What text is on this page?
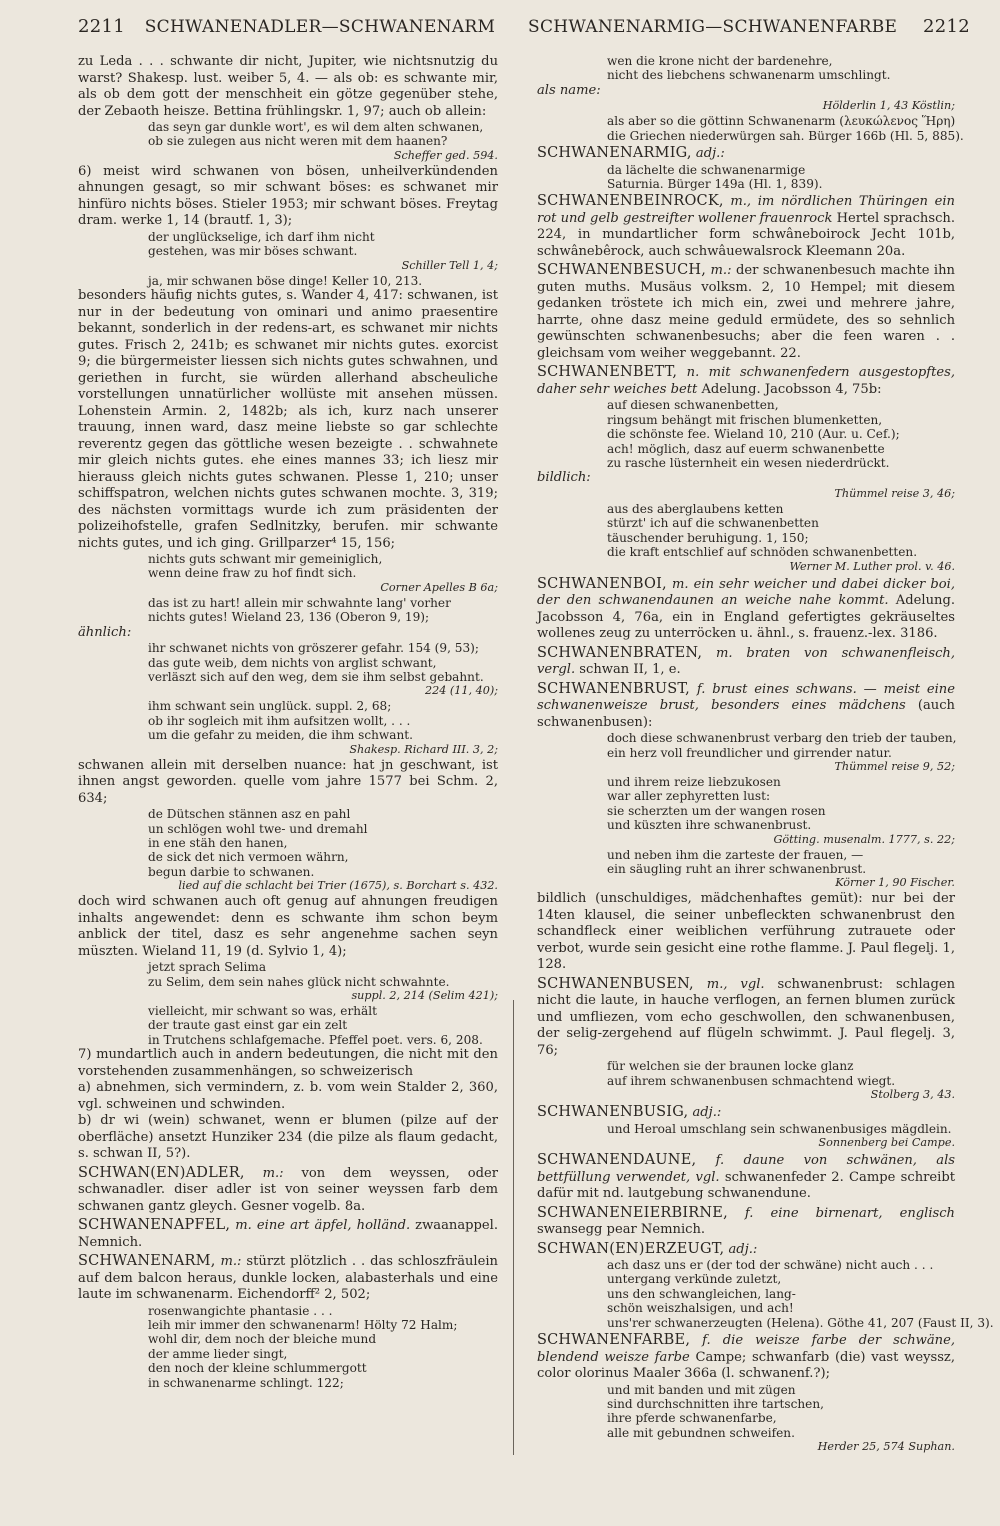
2211 SCHWANENADLER—SCHWANENARM SCHWANENARMIG—SCHWANENFARBE 2212

zu Leda . . . schwante dir nicht, Jupiter, wie nichtsnutzig du warst? Shakesp. lust. weiber 5, 4. — als ob: es schwante mir, als ob dem gott der menschheit ein götze gegenüber stehe, der Zebaoth heisze. Bettina frühlingskr. 1, 97; auch ob allein:

das seyn gar dunkle wort', es wil dem alten schwanen,
ob sie zulegen aus nicht weren mit dem haanen?
Scheffer ged. 594.

6) meist wird schwanen von bösen, unheilverkündenden ahnungen gesagt, so mir schwant böses: es schwanet mir hinfüro nichts böses. Stieler 1953; mir schwant böses. Freytag dram. werke 1, 14 (brautf. 1, 3);

der unglückselige, ich darf ihm nicht
gestehen, was mir böses schwant.
Schiller Tell 1, 4;
ja, mir schwanen böse dinge! Keller 10, 213.

besonders häufig nichts gutes, s. Wander 4, 417: schwanen, ist nur in der bedeutung von ominari und animo praesentire bekannt, sonderlich in der redens-art, es schwanet mir nichts gutes. Frisch 2, 241b; es schwanet mir nichts gutes. exorcist 9; die bürgermeister liessen sich nichts gutes schwahnen, und geriethen in furcht, sie würden allerhand abscheuliche vorstellungen unnatürlicher wollüste mit ansehen müssen. Lohenstein Armin. 2, 1482b; als ich, kurz nach unserer trauung, innen ward, dasz meine liebste so gar schlechte reverentz gegen das göttliche wesen bezeigte . . schwahnete mir gleich nichts gutes. ehe eines mannes 33; ich liesz mir hierauss gleich nichts gutes schwanen. Plesse 1, 210; unser schiffspatron, welchen nichts gutes schwanen mochte. 3, 319; des nächsten vormittags wurde ich zum präsidenten der polizeihofstelle, grafen Sedlnitzky, berufen. mir schwante nichts gutes, und ich ging. Grillparzer⁴ 15, 156;

nichts guts schwant mir gemeiniglich,
wenn deine fraw zu hof findt sich.
Corner Apelles B 6a;
das ist zu hart! allein mir schwahnte lang' vorher
nichts gutes! Wieland 23, 136 (Oberon 9, 19);

ähnlich:

ihr schwanet nichts von gröszerer gefahr. 154 (9, 53);
das gute weib, dem nichts von arglist schwant,
verläszt sich auf den weg, dem sie ihm selbst gebahnt.
224 (11, 40);
ihm schwant sein unglück. suppl. 2, 68;
ob ihr sogleich mit ihm aufsitzen wollt, . . .
um die gefahr zu meiden, die ihm schwant.
Shakesp. Richard III. 3, 2;

schwanen allein mit derselben nuance: hat jn geschwant, ist ihnen angst geworden. quelle vom jahre 1577 bei Schm. 2, 634;

de Dütschen stännen asz en pahl
un schlögen wohl twe- und dremahl
in ene stäh den hanen,
de sick det nich vermoen währn,
begun darbie to schwanen.
lied auf die schlacht bei Trier (1675), s. Borchart s. 432.

doch wird schwanen auch oft genug auf ahnungen freudigen inhalts angewendet: denn es schwante ihm schon beym anblick der titel, dasz es sehr angenehme sachen seyn müszten. Wieland 11, 19 (d. Sylvio 1, 4);

jetzt sprach Selima
zu Selim, dem sein nahes glück nicht schwahnte.
suppl. 2, 214 (Selim 421);
vielleicht, mir schwant so was, erhält
der traute gast einst gar ein zelt
in Trutchens schlafgemache. Pfeffel poet. vers. 6, 208.

7) mundartlich auch in andern bedeutungen, die nicht mit den vorstehenden zusammenhängen, so schweizerisch

a) abnehmen, sich vermindern, z. b. vom wein Stalder 2, 360, vgl. schweinen und schwinden.

b) dr wi (wein) schwanet, wenn er blumen (pilze auf der oberfläche) ansetzt Hunziker 234 (die pilze als flaum gedacht, s. schwan II, 5?).

SCHWAN(EN)ADLER, m.: von dem weyssen, oder schwanadler. diser adler ist von seiner weyssen farb dem schwanen gantz gleych. Gesner vogelb. 8a.

SCHWANENAPFEL, m. eine art äpfel, holländ. zwaanappel. Nemnich.

SCHWANENARM, m.: stürzt plötzlich . . das schloszfräulein auf dem balcon heraus, dunkle locken, alabasterhals und eine laute im schwanenarm. Eichendorff² 2, 502;

rosenwangichte phantasie . . .
leih mir immer den schwanenarm! Hölty 72 Halm;
wohl dir, dem noch der bleiche mund
der amme lieder singt,
den noch der kleine schlummergott
in schwanenarme schlingt. 122;
wen die krone nicht der bardenehre,
nicht des liebchens schwanenarm umschlingt.

als name:

Hölderlin 1, 43 Köstlin;
als aber so die göttinn Schwanenarm (λευκώλενος Ἥρη)
die Griechen niederwürgen sah. Bürger 166b (Hl. 5, 885).

SCHWANENARMIG, adj.:

da lächelte die schwanenarmige
Saturnia. Bürger 149a (Hl. 1, 839).

SCHWANENBEINROCK, m., im nördlichen Thüringen ein rot und gelb gestreifter wollener frauenrock Hertel sprachsch. 224, in mundartlicher form schwâneboirock Jecht 101b, schwânebêrock, auch schwâuewalsrock Kleemann 20a.

SCHWANENBESUCH, m.: der schwanenbesuch machte ihn guten muths. Musäus volksm. 2, 10 Hempel; mit diesem gedanken tröstete ich mich ein, zwei und mehrere jahre, harrte, ohne dasz meine geduld ermüdete, des so sehnlich gewünschten schwanenbesuchs; aber die feen waren . . gleichsam vom weiher weggebannt. 22.

SCHWANENBETT, n. mit schwanenfedern ausgestopftes, daher sehr weiches bett Adelung. Jacobsson 4, 75b:

auf diesen schwanenbetten,
ringsum behängt mit frischen blumenketten,
die schönste fee. Wieland 10, 210 (Aur. u. Cef.);
ach! möglich, dasz auf euerm schwanenbette
zu rasche lüsternheit ein wesen niederdrückt.

bildlich:

Thümmel reise 3, 46;
aus des aberglaubens ketten
stürzt' ich auf die schwanenbetten
täuschender beruhigung. 1, 150;
die kraft entschlief auf schnöden schwanenbetten.
Werner M. Luther prol. v. 46.

SCHWANENBOI, m. ein sehr weicher und dabei dicker boi, der den schwanendaunen an weiche nahe kommt. Adelung. Jacobsson 4, 76a, ein in England gefertigtes gekräuseltes wollenes zeug zu unterröcken u. ähnl., s. frauenz.-lex. 3186.

SCHWANENBRATEN, m. braten von schwanenfleisch, vergl. schwan II, 1, e.

SCHWANENBRUST, f. brust eines schwans. — meist eine schwanenweisze brust, besonders eines mädchens (auch schwanenbusen):

doch diese schwanenbrust verbarg den trieb der tauben,
ein herz voll freundlicher und girrender natur.
Thümmel reise 9, 52;
und ihrem reize liebzukosen
war aller zephyretten lust:
sie scherzten um der wangen rosen
und küszten ihre schwanenbrust.
Götting. musenalm. 1777, s. 22;
und neben ihm die zarteste der frauen, —
ein säugling ruht an ihrer schwanenbrust.
Körner 1, 90 Fischer.

bildlich (unschuldiges, mädchenhaftes gemüt): nur bei der 14ten klausel, die seiner unbefleckten schwanenbrust den schandfleck einer weiblichen verführung zutrauete oder verbot, wurde sein gesicht eine rothe flamme. J. Paul flegelj. 1, 128.

SCHWANENBUSEN, m., vgl. schwanenbrust: schlagen nicht die laute, in hauche verflogen, an fernen blumen zurück und umfliezen, vom echo geschwollen, den schwanenbusen, der selig-zergehend auf flügeln schwimmt. J. Paul flegelj. 3, 76;

für welchen sie der braunen locke glanz
auf ihrem schwanenbusen schmachtend wiegt.
Stolberg 3, 43.

SCHWANENBUSIG, adj.:

und Heroal umschlang sein schwanenbusiges mägdlein.
Sonnenberg bei Campe.

SCHWANENDAUNE, f. daune von schwänen, als bettfüllung verwendet, vgl. schwanenfeder 2. Campe schreibt dafür mit nd. lautgebung schwanendune.

SCHWANENEIERBIRNE, f. eine birnenart, englisch swansegg pear Nemnich.

SCHWAN(EN)ERZEUGT, adj.:

ach dasz uns er (der tod der schwäne) nicht auch . . .
untergang verkünde zuletzt,
uns den schwangleichen, lang-
schön weiszhalsigen, und ach!
uns'rer schwanerzeugten (Helena). Göthe 41, 207 (Faust II, 3).

SCHWANENFARBE, f. die weisze farbe der schwäne, blendend weisze farbe Campe; schwanfarb (die) vast weyssz, color olorinus Maaler 366a (l. schwanenf.?);

und mit banden und mit zügen
sind durchschnitten ihre tartschen,
ihre pferde schwanenfarbe,
alle mit gebundnen schweifen.
Herder 25, 574 Suphan.
